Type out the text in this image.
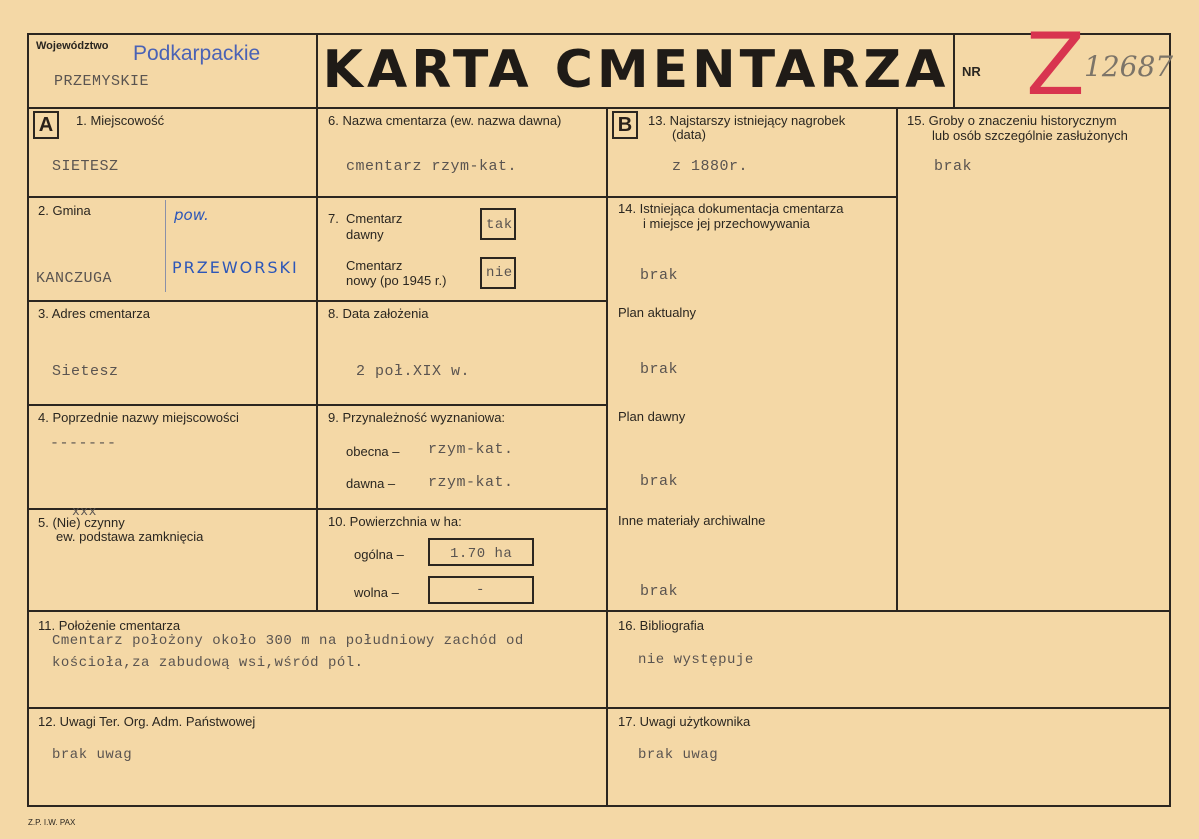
Województwo Podkarpackie
PRZEMYSKIE	KARTA CMENTARZA NR Z 12687
A	B
1. Miejscowość
SIETESZ
2. Gmina
KANCZUGA
pow.
PRZEWORSKI
3. Adres cmentarza
Sietesz
4. Poprzednie nazwy miejscowości
-------
xxx
5. (Nie) czynny
ew. podstawa zamknięcia
6. Nazwa cmentarza (ew. nazwa dawna)
cmentarz rzym-kat.
7. Cmentarz
dawny
tak
Cmentarz
nowy (po 1945 r.)	nie
8. Data założenia
2 poł.XIX w.
9. Przynależność wyznaniowa:
obecna – rzym-kat.
dawna – rzym-kat.
10. Powierzchnia w ha:
ogólna –	1.70 ha
wolna –	-
11. Położenie cmentarza
Cmentarz położony około 300 m na południowy zachód od
kościoła,za zabudową wsi,wśród pól.
12. Uwagi Ter. Org. Adm. Państwowej
brak uwag
13. Najstarszy istniejący nagrobek
(data)
z 1880r.
14. Istniejąca dokumentacja cmentarza
i miejsce jej przechowywania
brak
Plan aktualny
brak
Plan dawny
brak
Inne materiały archiwalne
brak
15. Groby o znaczeniu historycznym
lub osób szczególnie zasłużonych
brak
16. Bibliografia
nie występuje
17. Uwagi użytkownika
brak uwag
Z.P. I.W. PAX
